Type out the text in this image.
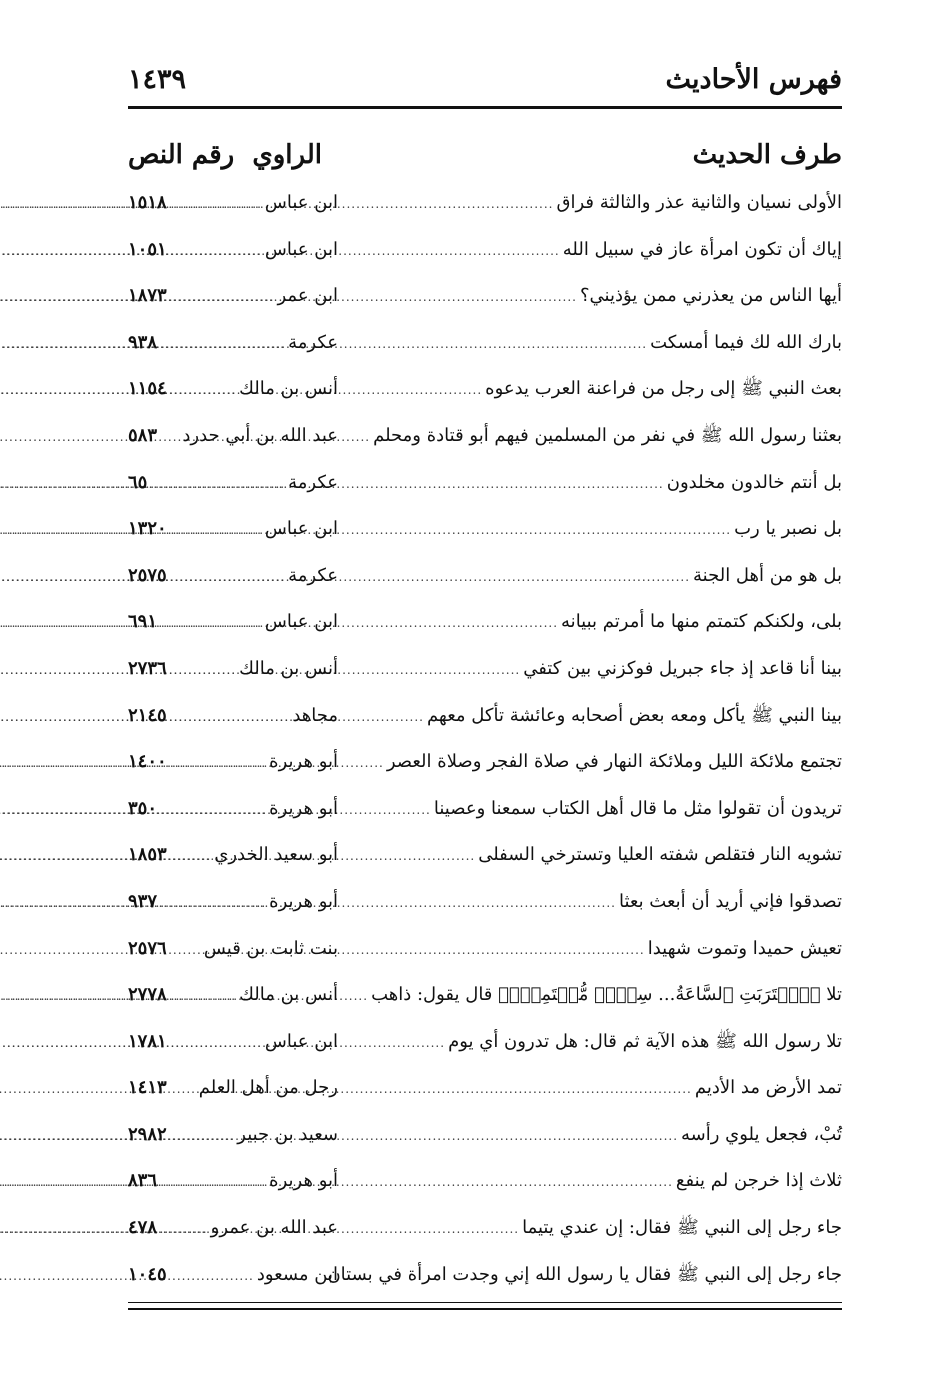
فهرس الأحاديث
١٤٣٩
طرف الحديث
الراوي
رقم النص
الأولى نسيان والثانية عذر والثالثة فراق
.....
ابن عباس
.....
١٥١٨
إياك أن تكون امرأة عاز في سبيل الله
.....
ابن عباس
.....
١٠٥١
أيها الناس من يعذرني ممن يؤذيني؟
.....
ابن عمر
.....
١٨٧٣
بارك الله لك فيما أمسكت
.....
عكرمة
.....
٩٣٨
بعث النبي ﷺ إلى رجل من فراعنة العرب يدعوه
.....
أنس بن مالك
.....
١١٥٤
بعثنا رسول الله ﷺ في نفر من المسلمين فيهم أبو قتادة ومحلم
.....
عبد الله بن أبي حدرد
٥٨٣
بل أنتم خالدون مخلدون
.....
عكرمة
.....
٦٥
بل نصبر يا رب
.....
ابن عباس
.....
١٣٢٠
بل هو من أهل الجنة
.....
عكرمة
.....
٢٥٧٥
بلى، ولكنكم كتمتم منها ما أمرتم ببيانه
.....
ابن عباس
.....
٦٩١
بينا أنا قاعد إذ جاء جبريل فوكزني بين كتفي
.....
أنس بن مالك
.....
٢٧٣٦
بينا النبي ﷺ يأكل ومعه بعض أصحابه وعائشة تأكل معهم
.....
مجاهد
.....
٢١٤٥
تجتمع ملائكة الليل وملائكة النهار في صلاة الفجر وصلاة العصر
.....
أبو هريرة
.....
١٤٠٠
تريدون أن تقولوا مثل ما قال أهل الكتاب سمعنا وعصينا
.....
أبو هريرة
.....
٣٥٠
تشويه النار فتقلص شفته العليا وتسترخي السفلى
.....
أبو سعيد الخدري
.....
١٨٥٣
تصدقوا فإني أريد أن أبعث بعثا
.....
أبو هريرة
.....
٩٣٧
تعيش حميدا وتموت شهيدا
.....
بنت ثابت بن قيس
٢٥٧٦
تلا ﴿ٱقۡتَرَبَتِ ٱلسَّاعَةُ... سِحۡرٞ مُّسۡتَمِرّٞ﴾ قال يقول: ذاهب
.....
أنس بن مالك
.....
٢٧٧٨
تلا رسول الله ﷺ هذه الآية ثم قال: هل تدرون أي يوم
.....
ابن عباس
.....
١٧٨١
تمد الأرض مد الأديم
.....
رجل من أهل العلم
١٤١٣
تُبْ، فجعل يلوي رأسه
.....
سعيد بن جبير
.....
٢٩٨٢
ثلاث إذا خرجن لم ينفع
.....
أبو هريرة
.....
٨٣٦
جاء رجل إلى النبي ﷺ فقال: إن عندي يتيما
.....
عبد الله بن عمرو
.....
٤٧٨
جاء رجل إلى النبي ﷺ فقال يا رسول الله إني وجدت امرأة في بستان
ابن مسعود
.....
١٠٤٥
